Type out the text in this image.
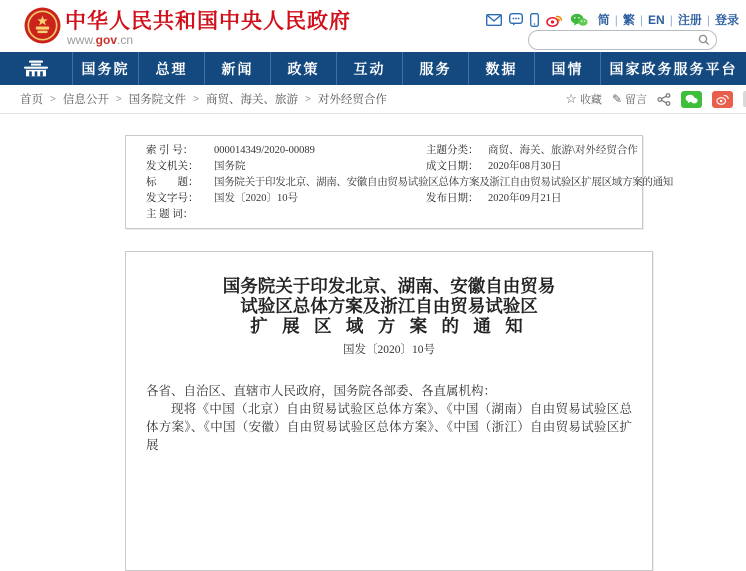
中华人民共和国中央人民政府
www.gov.cn
简 | 繁 | EN | 注册 | 登录
国务院	总理	新闻	政策	互动	服务	数据	国情	国家政务服务平台
首页 > 信息公开 > 国务院文件 > 商贸、海关、旅游 > 对外经贸合作	☆ 收藏 ✎ 留言
索 引 号：	000014349/2020-00089	主题分类： 商贸、海关、旅游\对外经贸合作
发文机关：	国务院	成文日期： 2020年08月30日
标　　题：	国务院关于印发北京、湖南、安徽自由贸易试验区总体方案及浙江自由贸易试验区扩展区域方案的通知
发文字号：	国发〔2020〕10号	发布日期： 2020年09月21日
主 题 词：
国务院关于印发北京、湖南、安徽自由贸易
试验区总体方案及浙江自由贸易试验区
扩 展 区 域 方 案 的 通 知
国发〔2020〕10号

各省、自治区、直辖市人民政府，国务院各部委、各直属机构：

现将《中国（北京）自由贸易试验区总体方案》、《中国（湖南）自由贸易试验区总体方案》、《中国（安徽）自由贸易试验区总体方案》、《中国（浙江）自由贸易试验区扩展
